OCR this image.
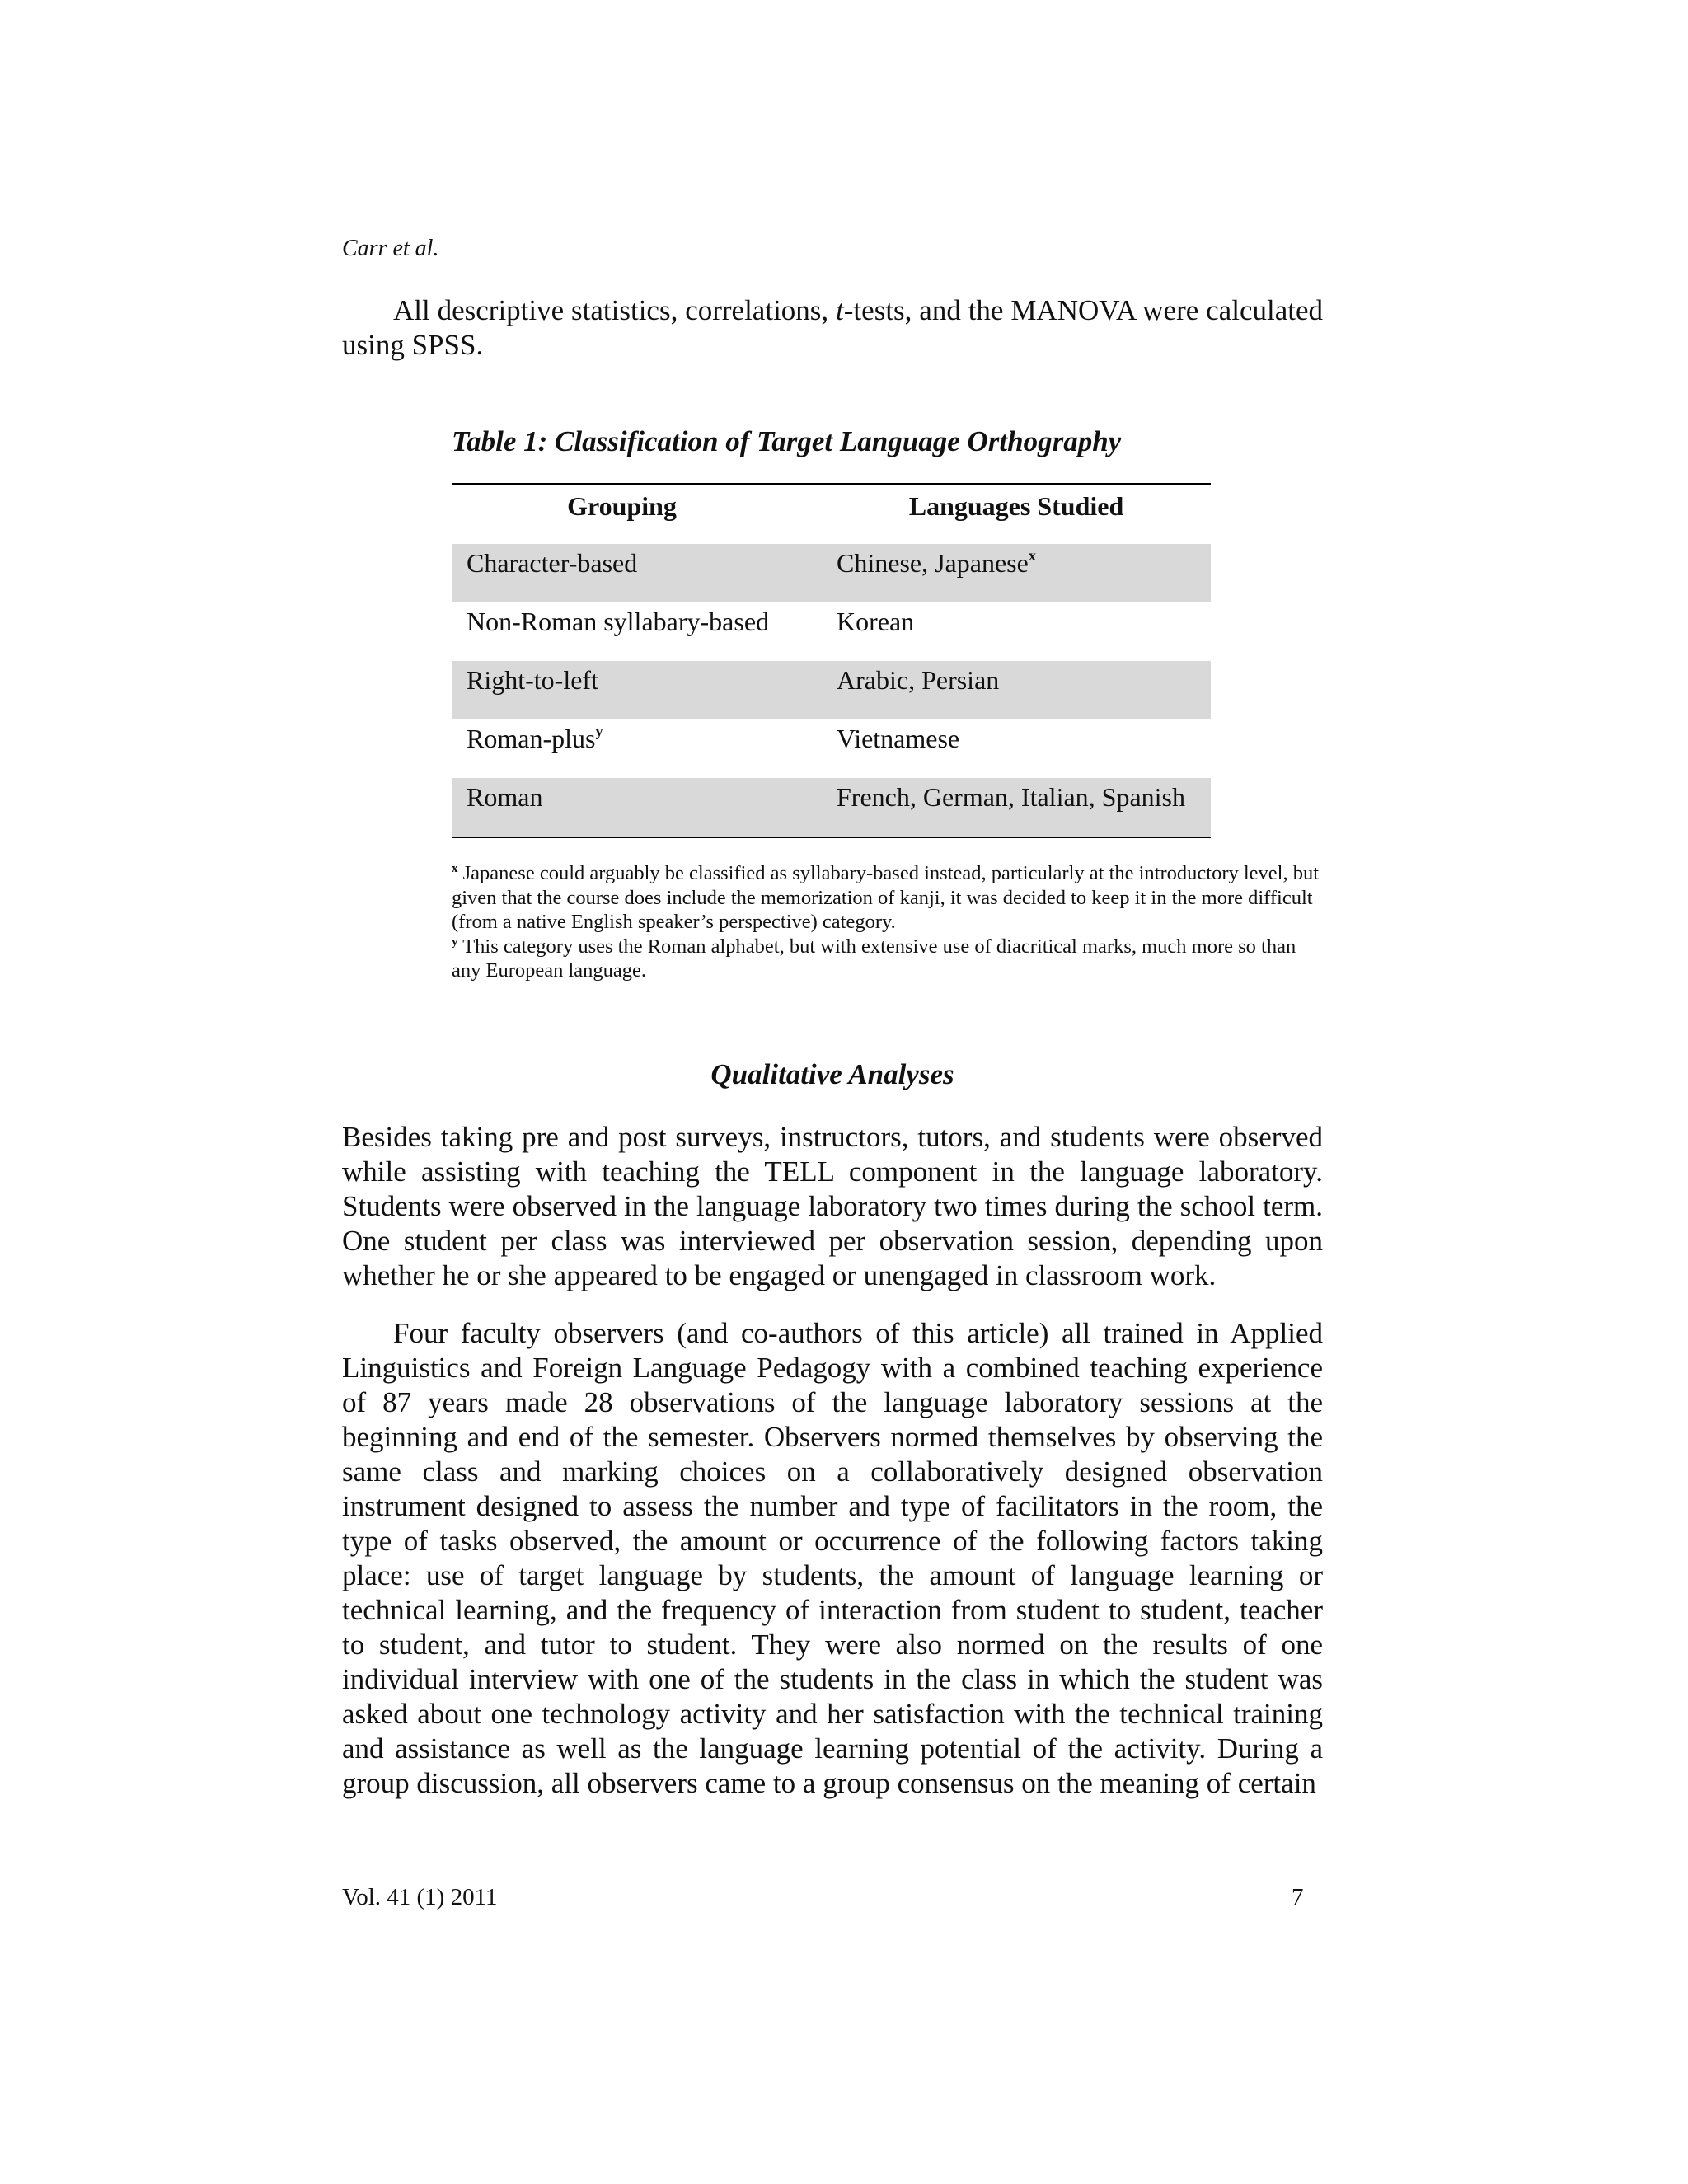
Carr et al.

All descriptive statistics, correlations, t-tests, and the MANOVA were calculated using SPSS.

Table 1: Classification of Target Language Orthography

Grouping	Languages Studied
Character-based	Chinese, Japanese$^x$
Non-Roman syllabary-based	Korean
Right-to-left	Arabic, Persian
Roman-plus$^y$	Vietnamese
Roman	French, German, Italian, Spanish

$^x$ Japanese could arguably be classified as syllabary-based instead, particularly at the introductory level, but given that the course does include the memorization of kanji, it was decided to keep it in the more difficult (from a native English speaker’s perspective) category.

$^y$ This category uses the Roman alphabet, but with extensive use of diacritical marks, much more so than any European language.

Qualitative Analyses

Besides taking pre and post surveys, instructors, tutors, and students were observed while assisting with teaching the TELL component in the language laboratory. Students were observed in the language laboratory two times during the school term. One student per class was interviewed per observation session, depending upon whether he or she appeared to be engaged or unengaged in classroom work.

Four faculty observers (and co-authors of this article) all trained in Applied Linguistics and Foreign Language Pedagogy with a combined teaching experience of 87 years made 28 observations of the language laboratory sessions at the beginning and end of the semester. Observers normed themselves by observing the same class and marking choices on a collaboratively designed observation instrument designed to assess the number and type of facilitators in the room, the type of tasks observed, the amount or occurrence of the following factors taking place: use of target language by students, the amount of language learning or technical learning, and the frequency of interaction from student to student, teacher to student, and tutor to student. They were also normed on the results of one individual interview with one of the students in the class in which the student was asked about one technology activity and her satisfaction with the technical training and assistance as well as the language learning potential of the activity. During a group discussion, all observers came to a group consensus on the meaning of certain

Vol. 41 (1) 2011	7
